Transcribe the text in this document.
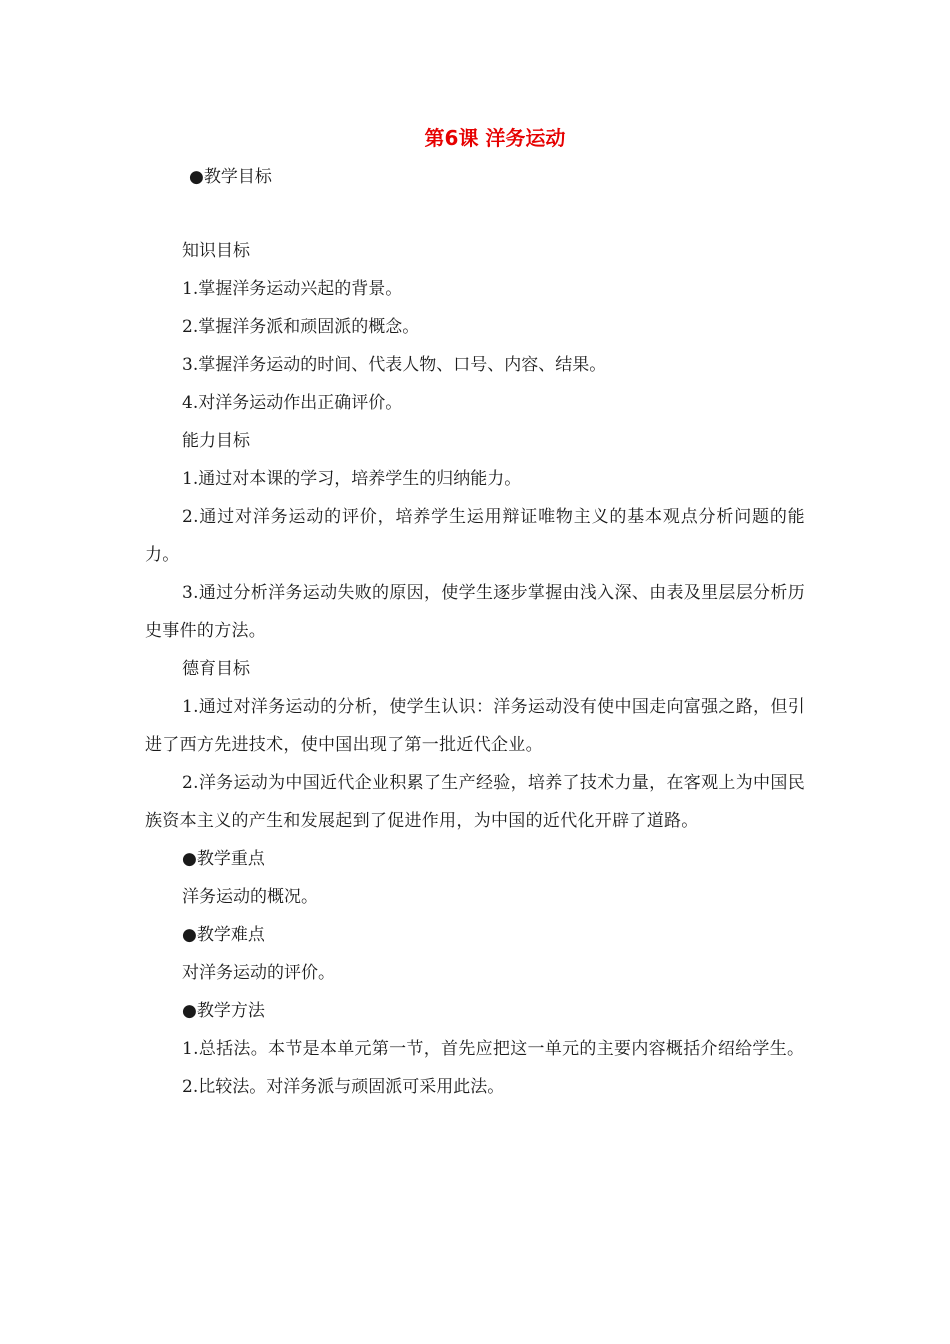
第6课 洋务运动

●教学目标

知识目标

1.掌握洋务运动兴起的背景。

2.掌握洋务派和顽固派的概念。

3.掌握洋务运动的时间、代表人物、口号、内容、结果。

4.对洋务运动作出正确评价。

能力目标

1.通过对本课的学习，培养学生的归纳能力。

2.通过对洋务运动的评价，培养学生运用辩证唯物主义的基本观点分析问题的能力。

3.通过分析洋务运动失败的原因，使学生逐步掌握由浅入深、由表及里层层分析历史事件的方法。

德育目标

1.通过对洋务运动的分析，使学生认识：洋务运动没有使中国走向富强之路，但引进了西方先进技术，使中国出现了第一批近代企业。

2.洋务运动为中国近代企业积累了生产经验，培养了技术力量，在客观上为中国民族资本主义的产生和发展起到了促进作用，为中国的近代化开辟了道路。

●教学重点

洋务运动的概况。

●教学难点

对洋务运动的评价。

●教学方法

1.总括法。本节是本单元第一节，首先应把这一单元的主要内容概括介绍给学生。

2.比较法。对洋务派与顽固派可采用此法。
